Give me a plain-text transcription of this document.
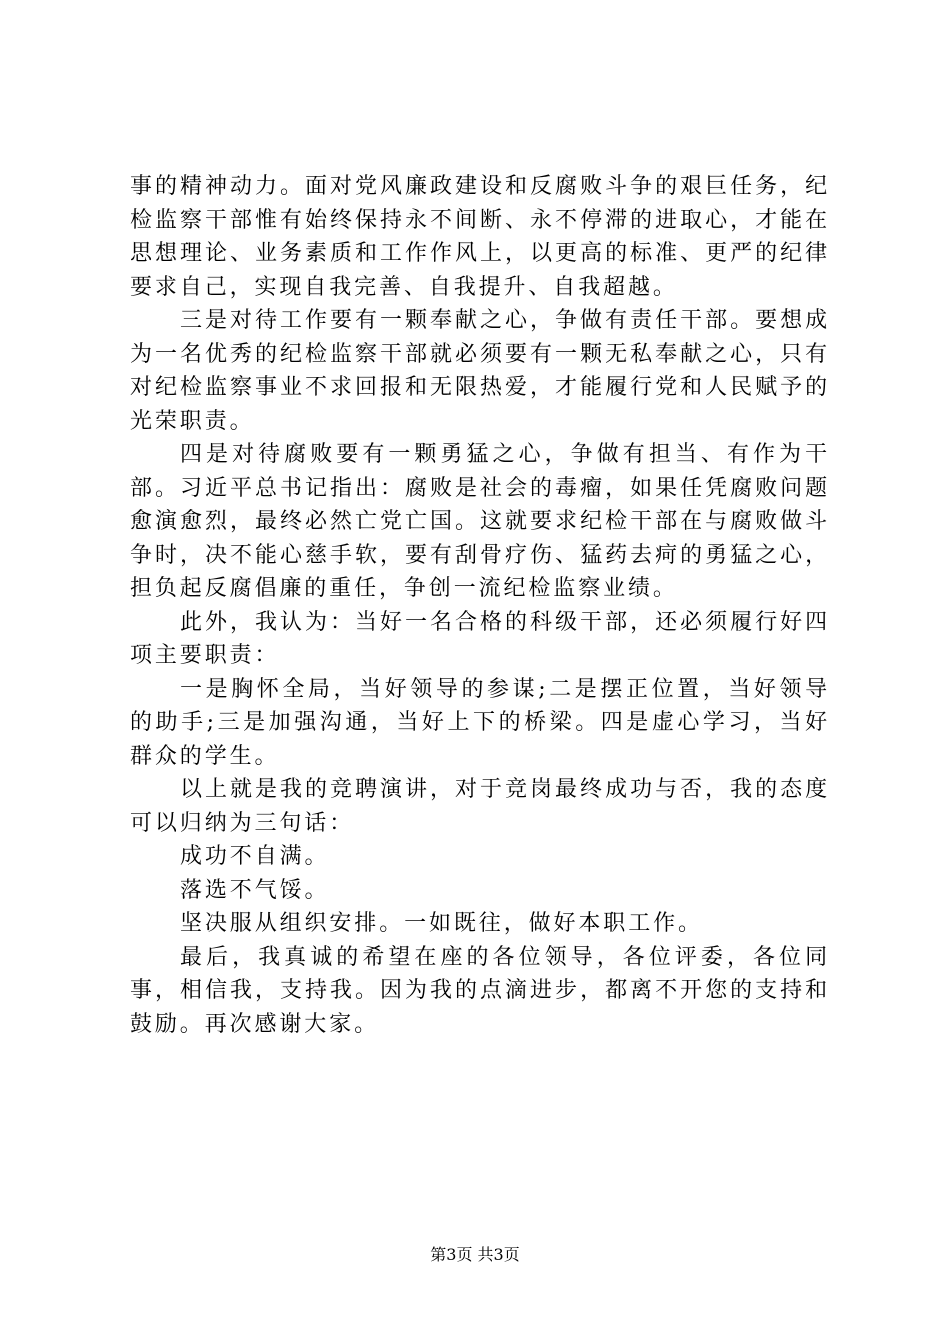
事的精神动力。面对党风廉政建设和反腐败斗争的艰巨任务，纪检监察干部惟有始终保持永不间断、永不停滞的进取心，才能在思想理论、业务素质和工作作风上，以更高的标准、更严的纪律要求自己，实现自我完善、自我提升、自我超越。

三是对待工作要有一颗奉献之心，争做有责任干部。要想成为一名优秀的纪检监察干部就必须要有一颗无私奉献之心，只有对纪检监察事业不求回报和无限热爱，才能履行党和人民赋予的光荣职责。

四是对待腐败要有一颗勇猛之心，争做有担当、有作为干部。习近平总书记指出：腐败是社会的毒瘤，如果任凭腐败问题愈演愈烈，最终必然亡党亡国。这就要求纪检干部在与腐败做斗争时，决不能心慈手软，要有刮骨疗伤、猛药去疴的勇猛之心，担负起反腐倡廉的重任，争创一流纪检监察业绩。

此外，我认为：当好一名合格的科级干部，还必须履行好四项主要职责：

一是胸怀全局，当好领导的参谋;二是摆正位置，当好领导的助手;三是加强沟通，当好上下的桥梁。四是虚心学习，当好群众的学生。

以上就是我的竞聘演讲，对于竞岗最终成功与否，我的态度可以归纳为三句话：

成功不自满。

落选不气馁。

坚决服从组织安排。一如既往，做好本职工作。

最后，我真诚的希望在座的各位领导，各位评委，各位同事，相信我，支持我。因为我的点滴进步，都离不开您的支持和鼓励。再次感谢大家。

第3页 共3页
